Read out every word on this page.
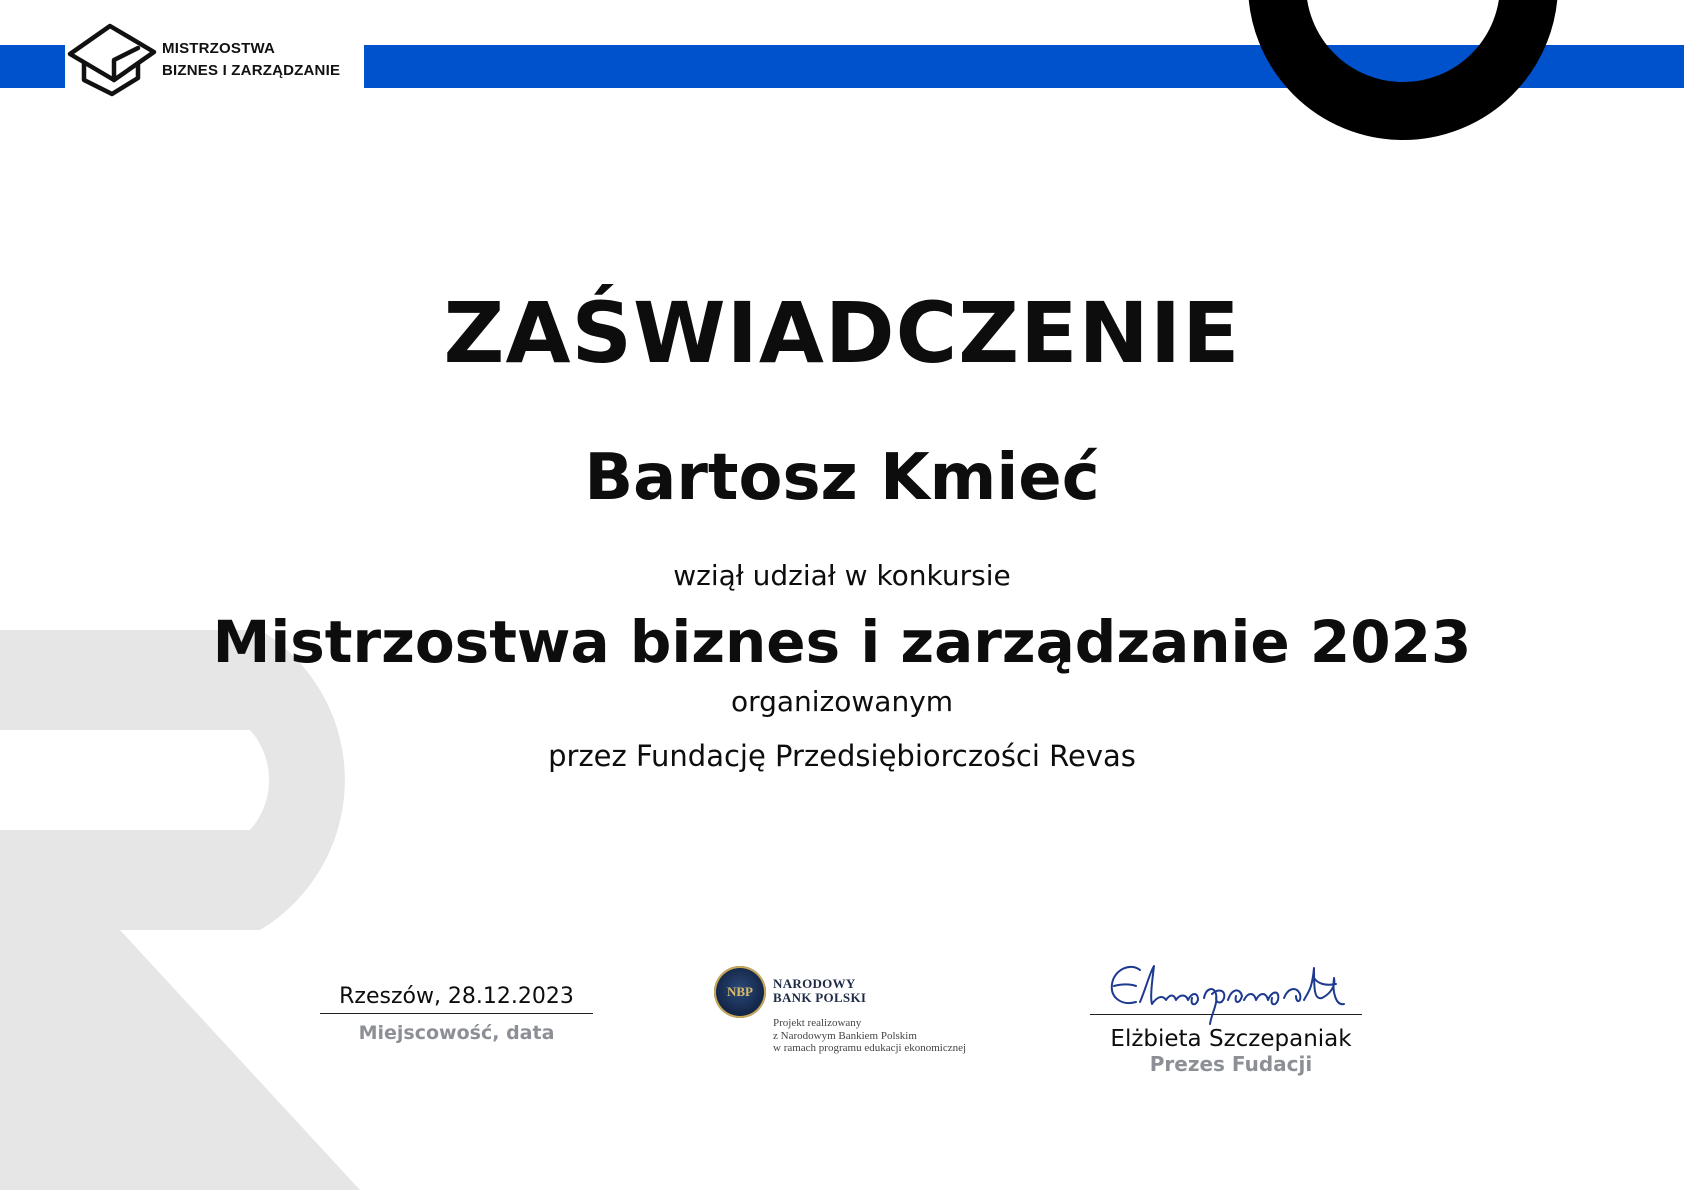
MISTRZOSTWA
BIZNES I ZARZĄDZANIE
ZAŚWIADCZENIE
Bartosz Kmieć
wziął udział w konkursie
Mistrzostwa biznes i zarządzanie 2023
organizowanym
przez Fundację Przedsiębiorczości Revas
Rzeszów, 28.12.2023
Miejscowość, data
NBP
NARODOWY
BANK POLSKI
Projekt realizowany
z Narodowym Bankiem Polskim
w ramach programu edukacji ekonomicznej	Elżbieta Szczepaniak
Prezes Fudacji
